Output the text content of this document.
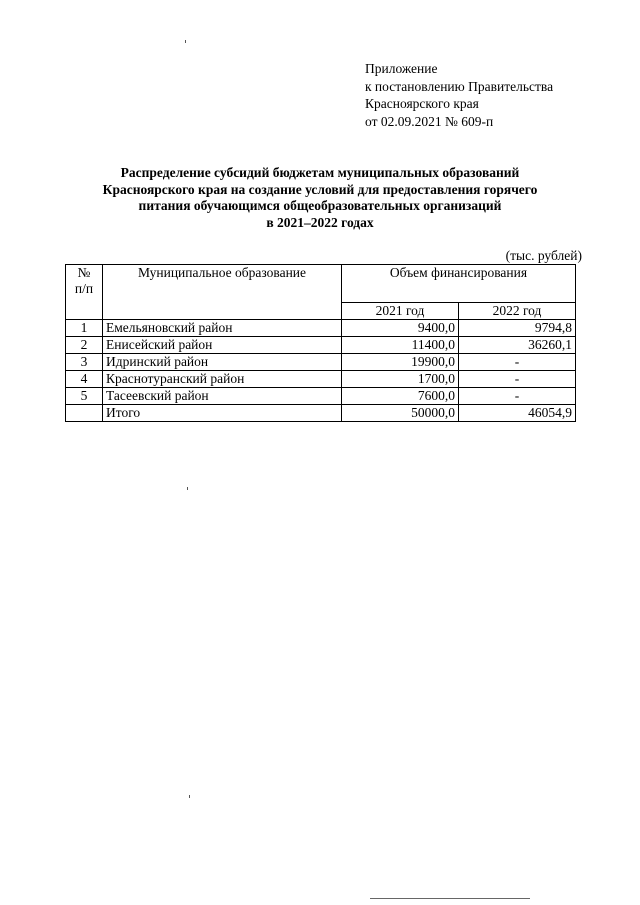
Приложение
к постановлению Правительства
Красноярского края
от 02.09.2021 № 609-п
Распределение субсидий бюджетам муниципальных образований
Красноярского края на создание условий для предоставления горячего
питания обучающимся общеобразовательных организаций
в 2021–2022 годах
(тыс. рублей)
№
п/п	Муниципальное образование	Объем финансирования	
		2021 год	2022 год
1	Емельяновский район	9400,0	9794,8
2	Енисейский район	11400,0	36260,1
3	Идринский район	19900,0	-
4	Краснотуранский район	1700,0	-
5	Тасеевский район	7600,0	-
	Итого	50000,0	46054,9
